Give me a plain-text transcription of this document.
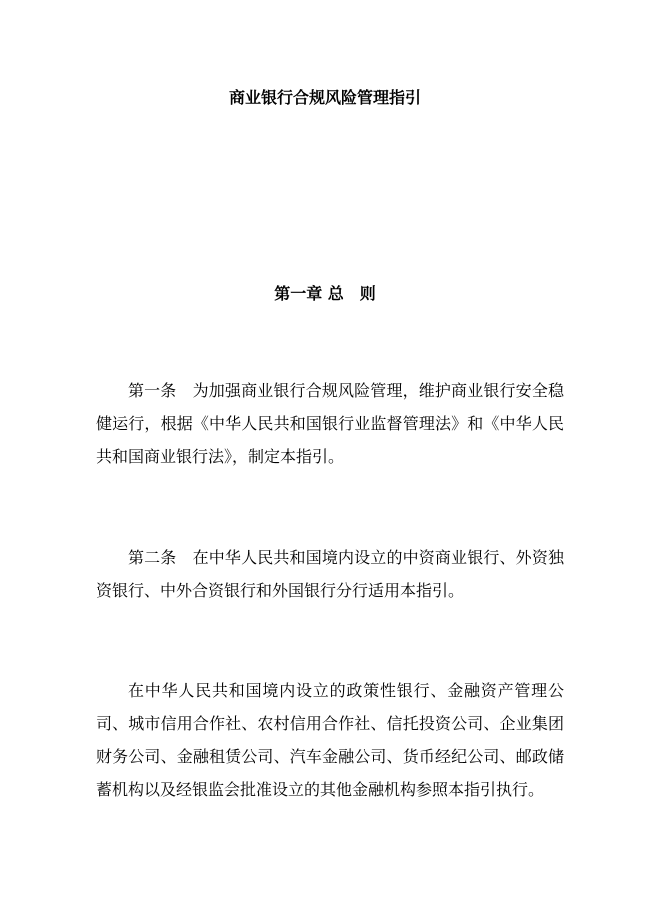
商业银行合规风险管理指引
第一章 总　则

第一条　 为加强商业银行合规风险管理，维护商业银行安全稳健运行，根据《中华人民共和国银行业监督管理法》和《中华人民共和国商业银行法》，制定本指引。

第二条　 在中华人民共和国境内设立的中资商业银行、外资独资银行、中外合资银行和外国银行分行适用本指引。

在中华人民共和国境内设立的政策性银行、金融资产管理公司、城市信用合作社、农村信用合作社、信托投资公司、企业集团财务公司、金融租赁公司、汽车金融公司、货币经纪公司、邮政储蓄机构以及经银监会批准设立的其他金融机构参照本指引执行。
